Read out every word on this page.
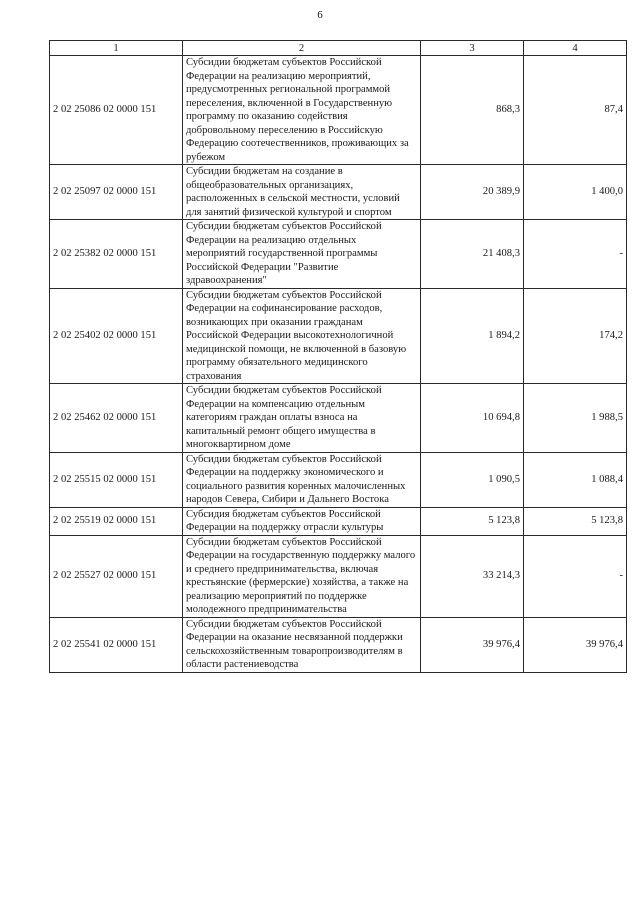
6
1	2	3	4
2 02 25086 02 0000 151	Субсидии бюджетам субъектов Российской Федерации на реализацию мероприятий, предусмотренных региональной программой переселения, включенной в Государственную программу по оказанию содействия добровольному переселению в Российскую Федерацию соотечественников, проживающих за рубежом	868,3	87,4
2 02 25097 02 0000 151	Субсидии бюджетам на создание в общеобразовательных организациях, расположенных в сельской местности, условий для занятий физической культурой и спортом	20 389,9	1 400,0
2 02 25382 02 0000 151	Субсидии бюджетам субъектов Российской Федерации на реализацию отдельных мероприятий государственной программы Российской Федерации "Развитие здравоохранения"	21 408,3	-
2 02 25402 02 0000 151	Субсидии бюджетам субъектов Российской Федерации на софинансирование расходов, возникающих при оказании гражданам Российской Федерации высокотехнологичной медицинской помощи, не включенной в базовую программу обязательного медицинского страхования	1 894,2	174,2
2 02 25462 02 0000 151	Субсидии бюджетам субъектов Российской Федерации на компенсацию отдельным категориям граждан оплаты взноса на капитальный ремонт общего имущества в многоквартирном доме	10 694,8	1 988,5
2 02 25515 02 0000 151	Субсидии бюджетам субъектов Российской Федерации на поддержку экономического и социального развития коренных малочисленных народов Севера, Сибири и Дальнего Востока	1 090,5	1 088,4
2 02 25519 02 0000 151	Субсидия бюджетам субъектов Российской Федерации на поддержку отрасли культуры	5 123,8	5 123,8
2 02 25527 02 0000 151	Субсидии бюджетам субъектов Российской Федерации на государственную поддержку малого и среднего предпринимательства, включая крестьянские (фермерские) хозяйства, а также на реализацию мероприятий по поддержке молодежного предпринимательства	33 214,3	-
2 02 25541 02 0000 151	Субсидии бюджетам субъектов Российской Федерации на оказание несвязанной поддержки сельскохозяйственным товаропроизводителям в области растениеводства	39 976,4	39 976,4
